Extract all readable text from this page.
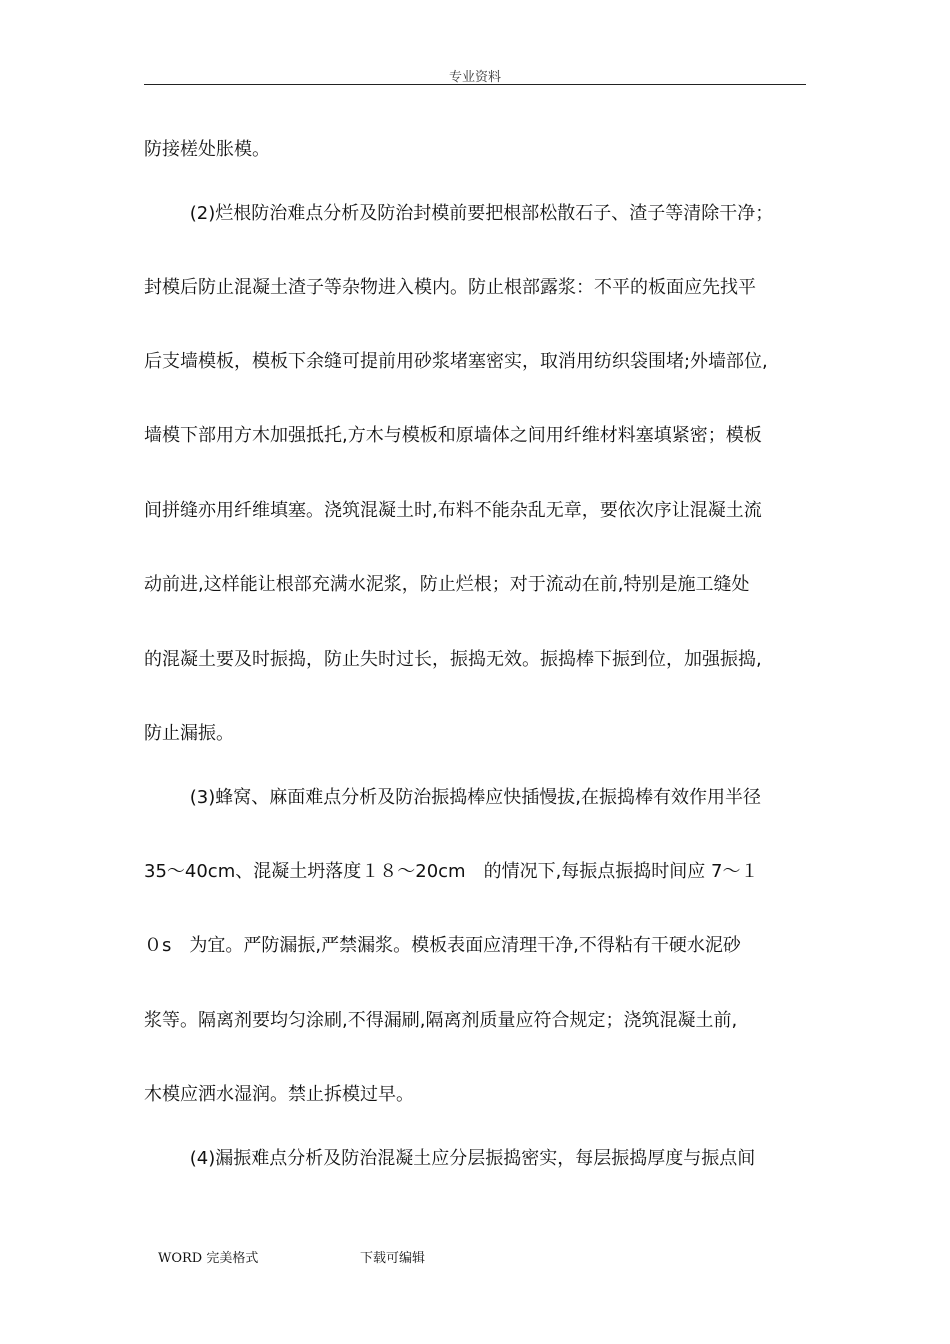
专业资料
防接槎处胀模。
(2)烂根防治难点分析及防治封模前要把根部松散石子、渣子等清除干净；
封模后防止混凝土渣子等杂物进入模内。防止根部露浆：不平的板面应先找平
后支墙模板，模板下余缝可提前用砂浆堵塞密实，取消用纺织袋围堵;外墙部位,
墙模下部用方木加强抵托,方木与模板和原墙体之间用纤维材料塞填紧密；模板
间拼缝亦用纤维填塞。浇筑混凝土时,布料不能杂乱无章，要依次序让混凝土流
动前进,这样能让根部充满水泥浆，防止烂根；对于流动在前,特别是施工缝处
的混凝土要及时振捣，防止失时过长，振捣无效。振捣棒下振到位，加强振捣,
防止漏振。
(3)蜂窝、麻面难点分析及防治振捣棒应快插慢拔,在振捣棒有效作用半径
35～40cm、混凝土坍落度１８～20cm　的情况下,每振点振捣时间应 7～１
０s　为宜。严防漏振,严禁漏浆。模板表面应清理干净,不得粘有干硬水泥砂
浆等。隔离剂要均匀涂刷,不得漏刷,隔离剂质量应符合规定；浇筑混凝土前,
木模应洒水湿润。禁止拆模过早。
(4)漏振难点分析及防治混凝土应分层振捣密实，每层振捣厚度与振点间
WORD 完美格式	下载可编辑
